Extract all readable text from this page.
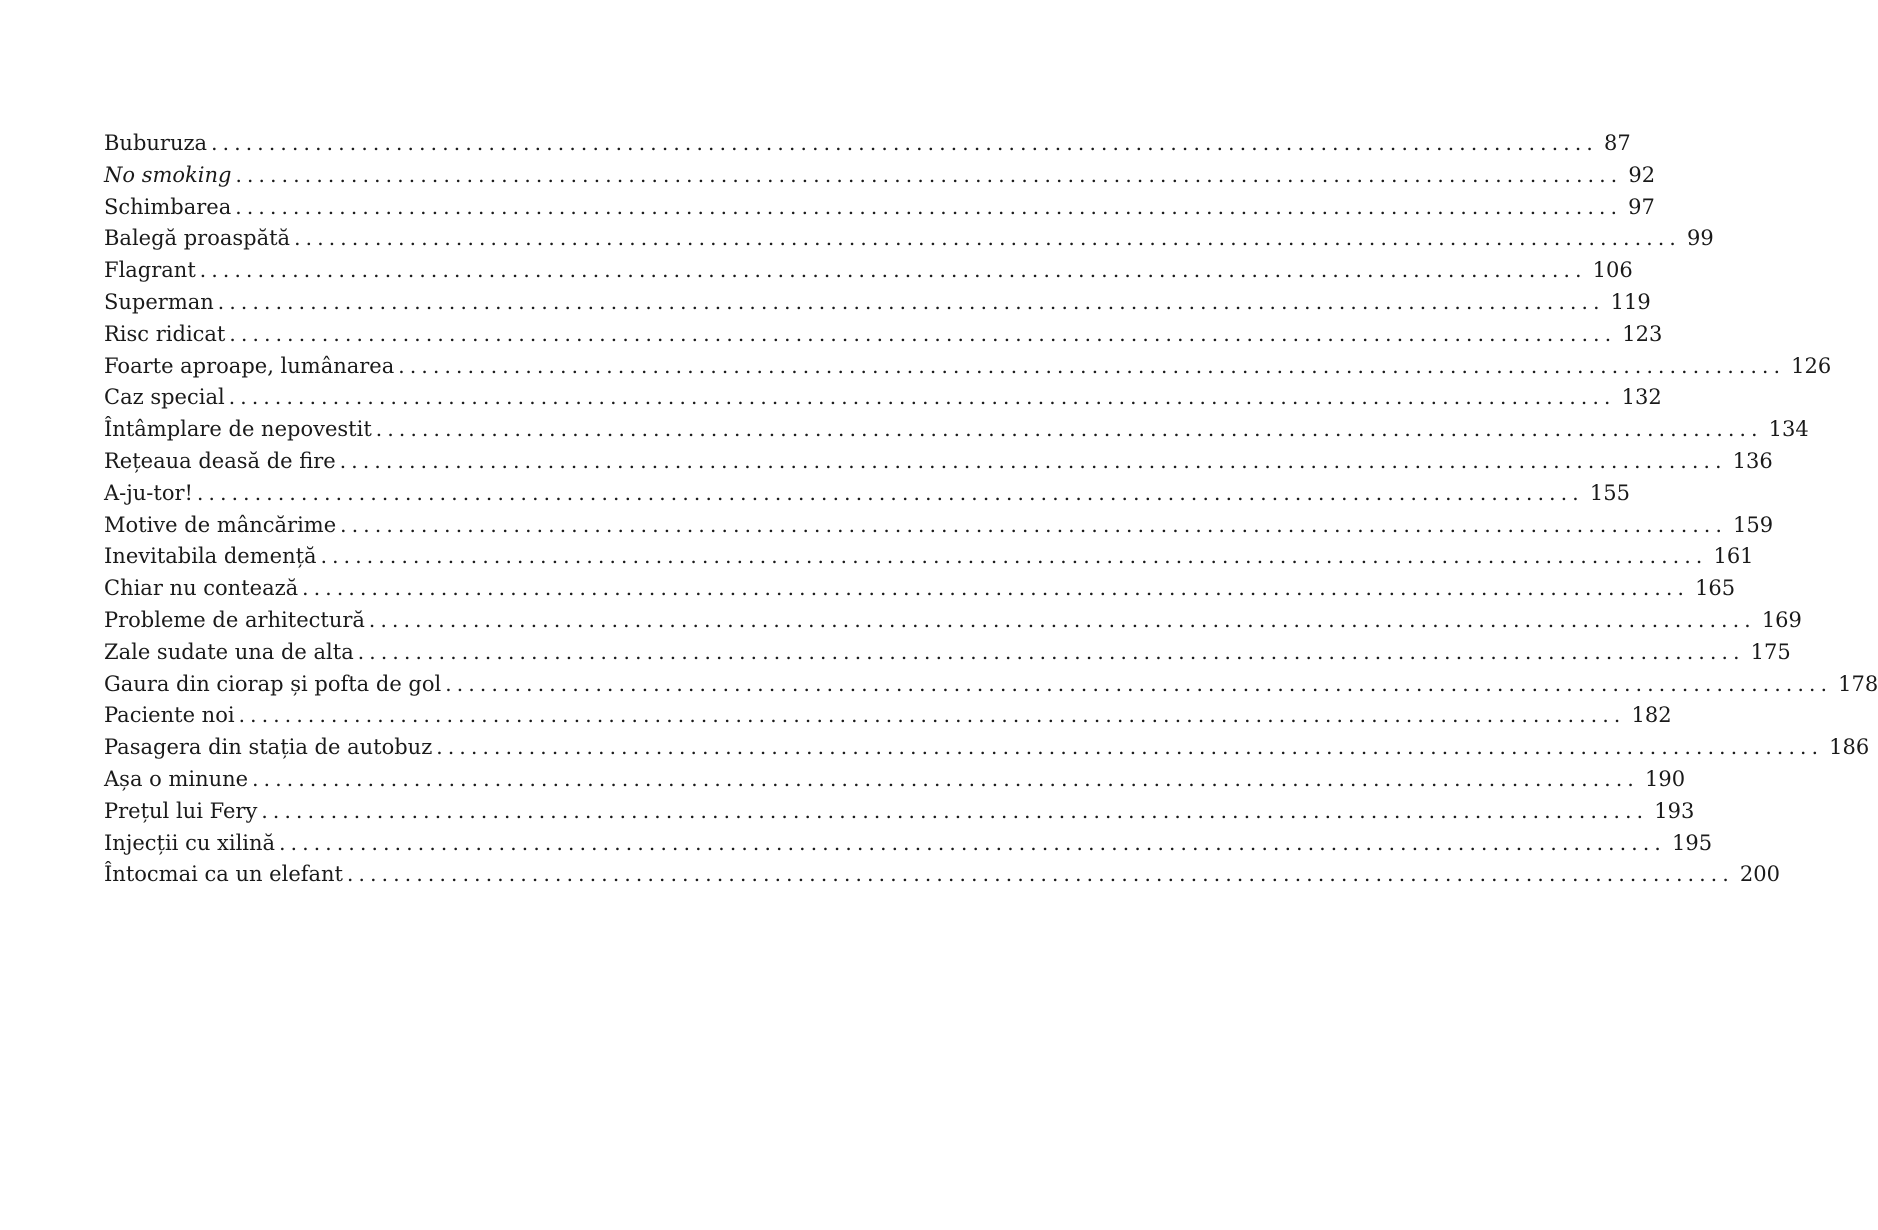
Buburuza ........................................................................................................................ 87
No smoking ........................................................................................................................ 92
Schimbarea ........................................................................................................................ 97
Balegă proaspătă ........................................................................................................................ 99
Flagrant ........................................................................................................................ 106
Superman ........................................................................................................................ 119
Risc ridicat ........................................................................................................................ 123
Foarte aproape, lumânarea ........................................................................................................................ 126
Caz special ........................................................................................................................ 132
Întâmplare de nepovestit ........................................................................................................................ 134
Rețeaua deasă de fire ........................................................................................................................ 136
A-ju-tor! ........................................................................................................................ 155
Motive de mâncărime ........................................................................................................................ 159
Inevitabila demență ........................................................................................................................ 161
Chiar nu contează ........................................................................................................................ 165
Probleme de arhitectură ........................................................................................................................ 169
Zale sudate una de alta ........................................................................................................................ 175
Gaura din ciorap și pofta de gol ........................................................................................................................ 178
Paciente noi ........................................................................................................................ 182
Pasagera din stația de autobuz ........................................................................................................................ 186
Așa o minune ........................................................................................................................ 190
Prețul lui Fery ........................................................................................................................ 193
Injecții cu xilină ........................................................................................................................ 195
Întocmai ca un elefant ........................................................................................................................ 200
